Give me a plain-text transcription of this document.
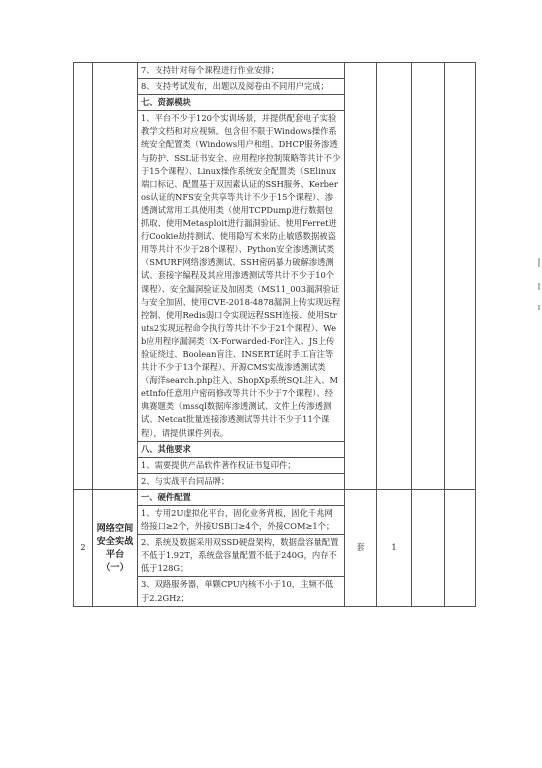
		7、支持针对每个课程进行作业安排；				
		8、支持考试发布，出题以及阅卷由不同用户完成；				
		七、资源模块				
		1、平台不少于120个实训场景，并提供配套电子实验教学文档和对应视频。包含但不限于Windows操作系统安全配置类（Windows用户和组、DHCP服务渗透与防护、SSL证书安全、应用程序控制策略等共计不少于15个课程）、Linux操作系统安全配置类（SElinux端口标记、配置基于双因素认证的SSH服务、Kerberos认证的NFS安全共享等共计不少于15个课程）、渗透测试常用工具使用类（使用TCPDump进行数据包抓取、使用Metasploit进行漏洞验证、使用Ferret进行Cookie劫持测试、使用隐写术来防止敏感数据被盗用等共计不少于28个课程）、Python安全渗透测试类（SMURF网络渗透测试、SSH密码暴力破解渗透测试、套接字编程及其应用渗透测试等共计不少于10个课程）、安全漏洞验证及加固类（MS11_003漏洞验证与安全加固、使用CVE-2018-4878漏洞上传实现远程控制、使用Redis弱口令实现远程SSH连接、使用Struts2实现远程命令执行等共计不少于21个课程）、Web应用程序漏洞类（X-Forwarded-For注入、JS上传验证绕过、Boolean盲注、INSERT延时手工盲注等共计不少于13个课程）、开源CMS实战渗透测试类（海洋search.php注入、ShopXp系统SQL注入、MetInfo任意用户密码修改等共计不少于7个课程）、经典赛题类（mssql数据库渗透测试、文件上传渗透测试、Netcat批量连接渗透测试等共计不少于11个课程），请提供课件列表。				
		八、其他要求				
		1、需要提供产品软件著作权证书复印件；				
		2、与实战平台同品牌；				
2	网络空间安全实战平台（一）	一、硬件配置	套	1		
		1、专用2U虚拟化平台，固化业务背板，固化千兆网络接口≥2个，外接USB口≥4个，外接COM≥1个；				
		2、系统及数据采用双SSD硬盘架构，数据盘容量配置不低于1.92T，系统盘容量配置不低于240G，内存不低于128G；				
		3、双路服务器，单颗CPU内核不小于10，主频不低于2.2GHz；				
